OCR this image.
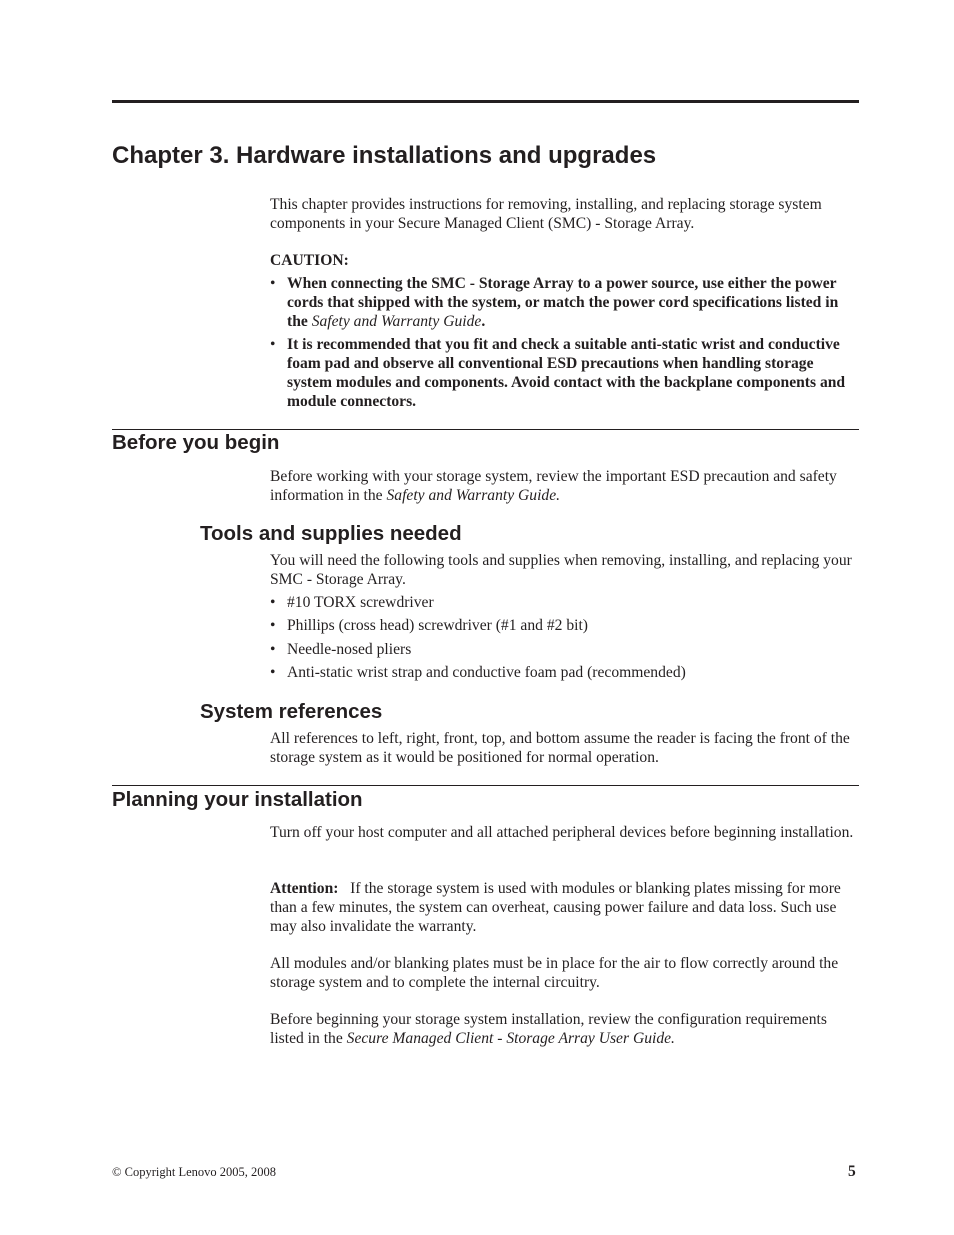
Chapter 3. Hardware installations and upgrades

This chapter provides instructions for removing, installing, and replacing storage system components in your Secure Managed Client (SMC) - Storage Array.

CAUTION:

• When connecting the SMC - Storage Array to a power source, use either the power cords that shipped with the system, or match the power cord specifications listed in the Safety and Warranty Guide.
• It is recommended that you fit and check a suitable anti-static wrist and conductive foam pad and observe all conventional ESD precautions when handling storage system modules and components. Avoid contact with the backplane components and module connectors.
Before you begin

Before working with your storage system, review the important ESD precaution and safety information in the Safety and Warranty Guide.

Tools and supplies needed

You will need the following tools and supplies when removing, installing, and replacing your SMC - Storage Array.

• #10 TORX screwdriver
• Phillips (cross head) screwdriver (#1 and #2 bit)
• Needle-nosed pliers
• Anti-static wrist strap and conductive foam pad (recommended)
System references

All references to left, right, front, top, and bottom assume the reader is facing the front of the storage system as it would be positioned for normal operation.

Planning your installation

Turn off your host computer and all attached peripheral devices before beginning installation.

Attention: If the storage system is used with modules or blanking plates missing for more than a few minutes, the system can overheat, causing power failure and data loss. Such use may also invalidate the warranty.

All modules and/or blanking plates must be in place for the air to flow correctly around the storage system and to complete the internal circuitry.

Before beginning your storage system installation, review the configuration requirements listed in the Secure Managed Client - Storage Array User Guide.

© Copyright Lenovo 2005, 2008	5
